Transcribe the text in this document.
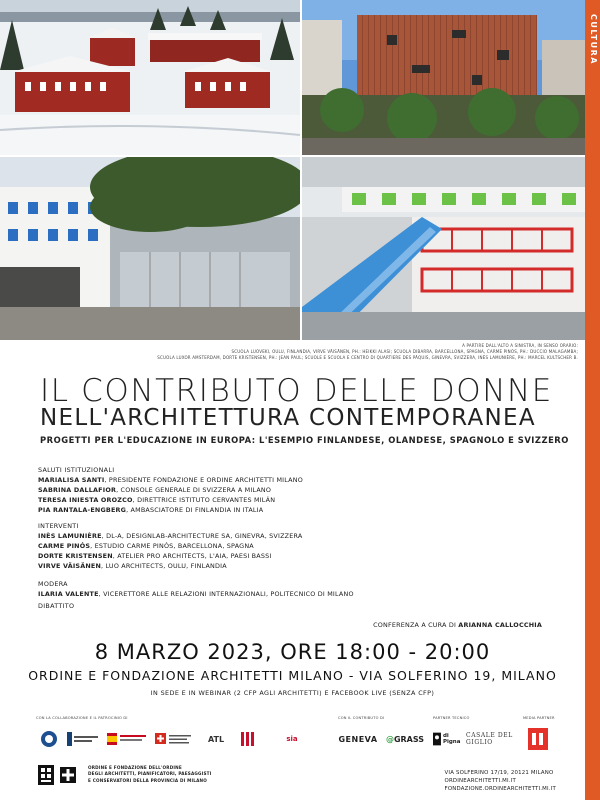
CULTURA
A PARTIRE DALL'ALTO A SINISTRA, IN SENSO ORARIO:
SCUOLA LUOVEKI, OULU, FINLANDIA, VIRVE VÄISÄNEN, PH.: HEIKKI ALASI; SCUOLA DIBARRA, BARCELLONA, SPAGNA, CARME PINÓS, PH.: DUCCIO MALAGAMBA;
SCUOLA LUXOR AMSTERDAM, DORTE KRISTENSEN, PH.: JEAN PAUL; SCUOLE E SCUOLA E CENTRO DI QUARTIERE DES PÂQUIS, GINEVRA, SVIZZERA, INÈS LAMUNIÈRE, PH.: MARCEL KULTSCHER B.
IL CONTRIBUTO DELLE DONNE
NELL'ARCHITETTURA CONTEMPORANEA
PROGETTI PER L'EDUCAZIONE IN EUROPA: L'ESEMPIO FINLANDESE, OLANDESE, SPAGNOLO E SVIZZERO
SALUTI ISTITUZIONALI
MARIALISA SANTI, PRESIDENTE FONDAZIONE E ORDINE ARCHITETTI MILANO
SABRINA DALLAFIOR, CONSOLE GENERALE DI SVIZZERA A MILANO
TERESA INIESTA OROZCO, DIRETTRICE ISTITUTO CERVANTES MILÁN
PIA RANTALA-ENGBERG, AMBASCIATORE DI FINLANDIA IN ITALIA
INTERVENTI
INÈS LAMUNIÈRE, DL-A, DESIGNLAB-ARCHITECTURE SA, GINEVRA, SVIZZERA
CARME PINÓS, ESTUDIO CARME PINÓS, BARCELLONA, SPAGNA
DORTE KRISTENSEN, ATELIER PRO ARCHITECTS, L'AIA, PAESI BASSI
VIRVE VÄISÄNEN, LUO ARCHITECTS, OULU, FINLANDIA
MODERA
ILARIA VALENTE, VICERETTORE ALLE RELAZIONI INTERNAZIONALI, POLITECNICO DI MILANO
DIBATTITO
CONFERENZA A CURA DI ARIANNA CALLOCCHIA
8 MARZO 2023, ORE 18:00 - 20:00
ORDINE E FONDAZIONE ARCHITETTI MILANO - VIA SOLFERINO 19, MILANO
IN SEDE E IN WEBINAR (2 CFP AGLI ARCHITETTI) E FACEBOOK LIVE (SENZA CFP)
CON LA COLLABORAZIONE E IL PATROCINIO DI	CON IL CONTRIBUTO DI	PARTNER TECNICO	MEDIA PARTNER
ATL	sia	GENEVA @GRASS	di Pigna
CASALE DEL GIGLIO
ORDINE E FONDAZIONE DELL'ORDINE
DEGLI ARCHITETTI, PIANIFICATORI, PAESAGGISTI
E CONSERVATORI DELLA PROVINCIA DI MILANO
VIA SOLFERINO 17/19, 20121 MILANO
ORDINEARCHITETTI.MI.IT
FONDAZIONE.ORDINEARCHITETTI.MI.IT
